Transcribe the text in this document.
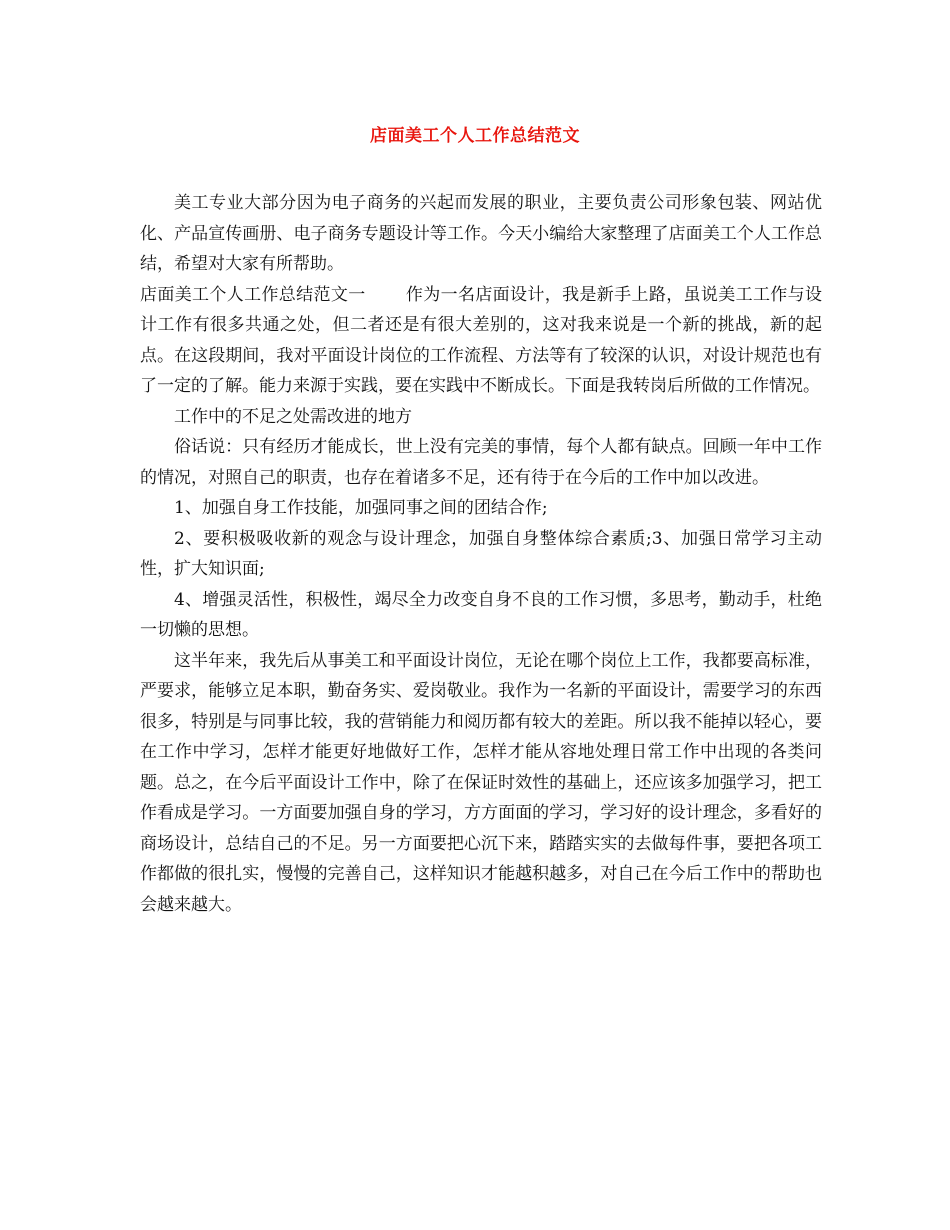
店面美工个人工作总结范文

美工专业大部分因为电子商务的兴起而发展的职业，主要负责公司形象包装、网站优化、产品宣传画册、电子商务专题设计等工作。今天小编给大家整理了店面美工个人工作总结，希望对大家有所帮助。

店面美工个人工作总结范文一 作为一名店面设计，我是新手上路，虽说美工工作与设计工作有很多共通之处，但二者还是有很大差别的，这对我来说是一个新的挑战，新的起点。在这段期间，我对平面设计岗位的工作流程、方法等有了较深的认识，对设计规范也有了一定的了解。能力来源于实践，要在实践中不断成长。下面是我转岗后所做的工作情况。

工作中的不足之处需改进的地方

俗话说：只有经历才能成长，世上没有完美的事情，每个人都有缺点。回顾一年中工作的情况，对照自己的职责，也存在着诸多不足，还有待于在今后的工作中加以改进。

1、加强自身工作技能，加强同事之间的团结合作;

2、要积极吸收新的观念与设计理念，加强自身整体综合素质;3、加强日常学习主动性，扩大知识面;

4、增强灵活性，积极性，竭尽全力改变自身不良的工作习惯，多思考，勤动手，杜绝一切懒的思想。

这半年来，我先后从事美工和平面设计岗位，无论在哪个岗位上工作，我都要高标准，严要求，能够立足本职，勤奋务实、爱岗敬业。我作为一名新的平面设计，需要学习的东西很多，特别是与同事比较，我的营销能力和阅历都有较大的差距。所以我不能掉以轻心，要在工作中学习，怎样才能更好地做好工作，怎样才能从容地处理日常工作中出现的各类问题。总之，在今后平面设计工作中，除了在保证时效性的基础上，还应该多加强学习，把工作看成是学习。一方面要加强自身的学习，方方面面的学习，学习好的设计理念，多看好的商场设计，总结自己的不足。另一方面要把心沉下来，踏踏实实的去做每件事，要把各项工作都做的很扎实，慢慢的完善自己，这样知识才能越积越多，对自己在今后工作中的帮助也会越来越大。
